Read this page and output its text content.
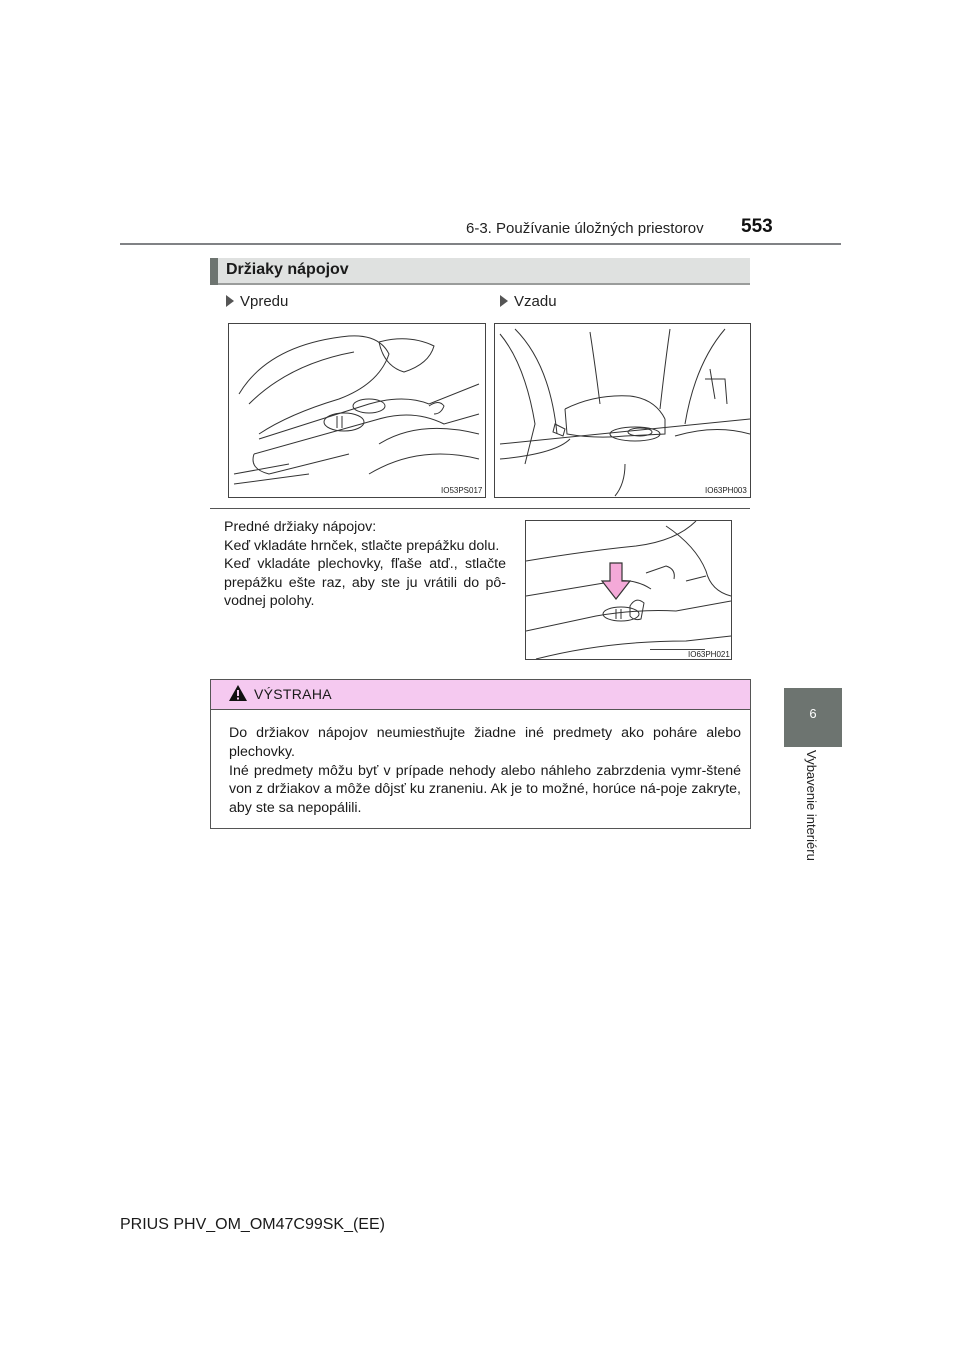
6-3. Používanie úložných priestorov 553
6
Vybavenie interiéru
Držiaky nápojov
Vpredu	Vzadu
IO53PS017	IO63PH003

Predné držiaky nápojov:

Keď vkladáte hrnček, stlačte prepážku dolu.

Keď vkladáte plechovky, fľaše atď., stlačte prepážku ešte raz, aby ste ju vrátili do pô-vodnej polohy.

IO63PH021
VÝSTRAHA

Do držiakov nápojov neumiestňujte žiadne iné predmety ako poháre alebo plechovky.

Iné predmety môžu byť v prípade nehody alebo náhleho zabrzdenia vymr-štené von z držiakov a môže dôjsť ku zraneniu. Ak je to možné, horúce ná-poje zakryte, aby ste sa nepopálili.

PRIUS PHV_OM_OM47C99SK_(EE)
